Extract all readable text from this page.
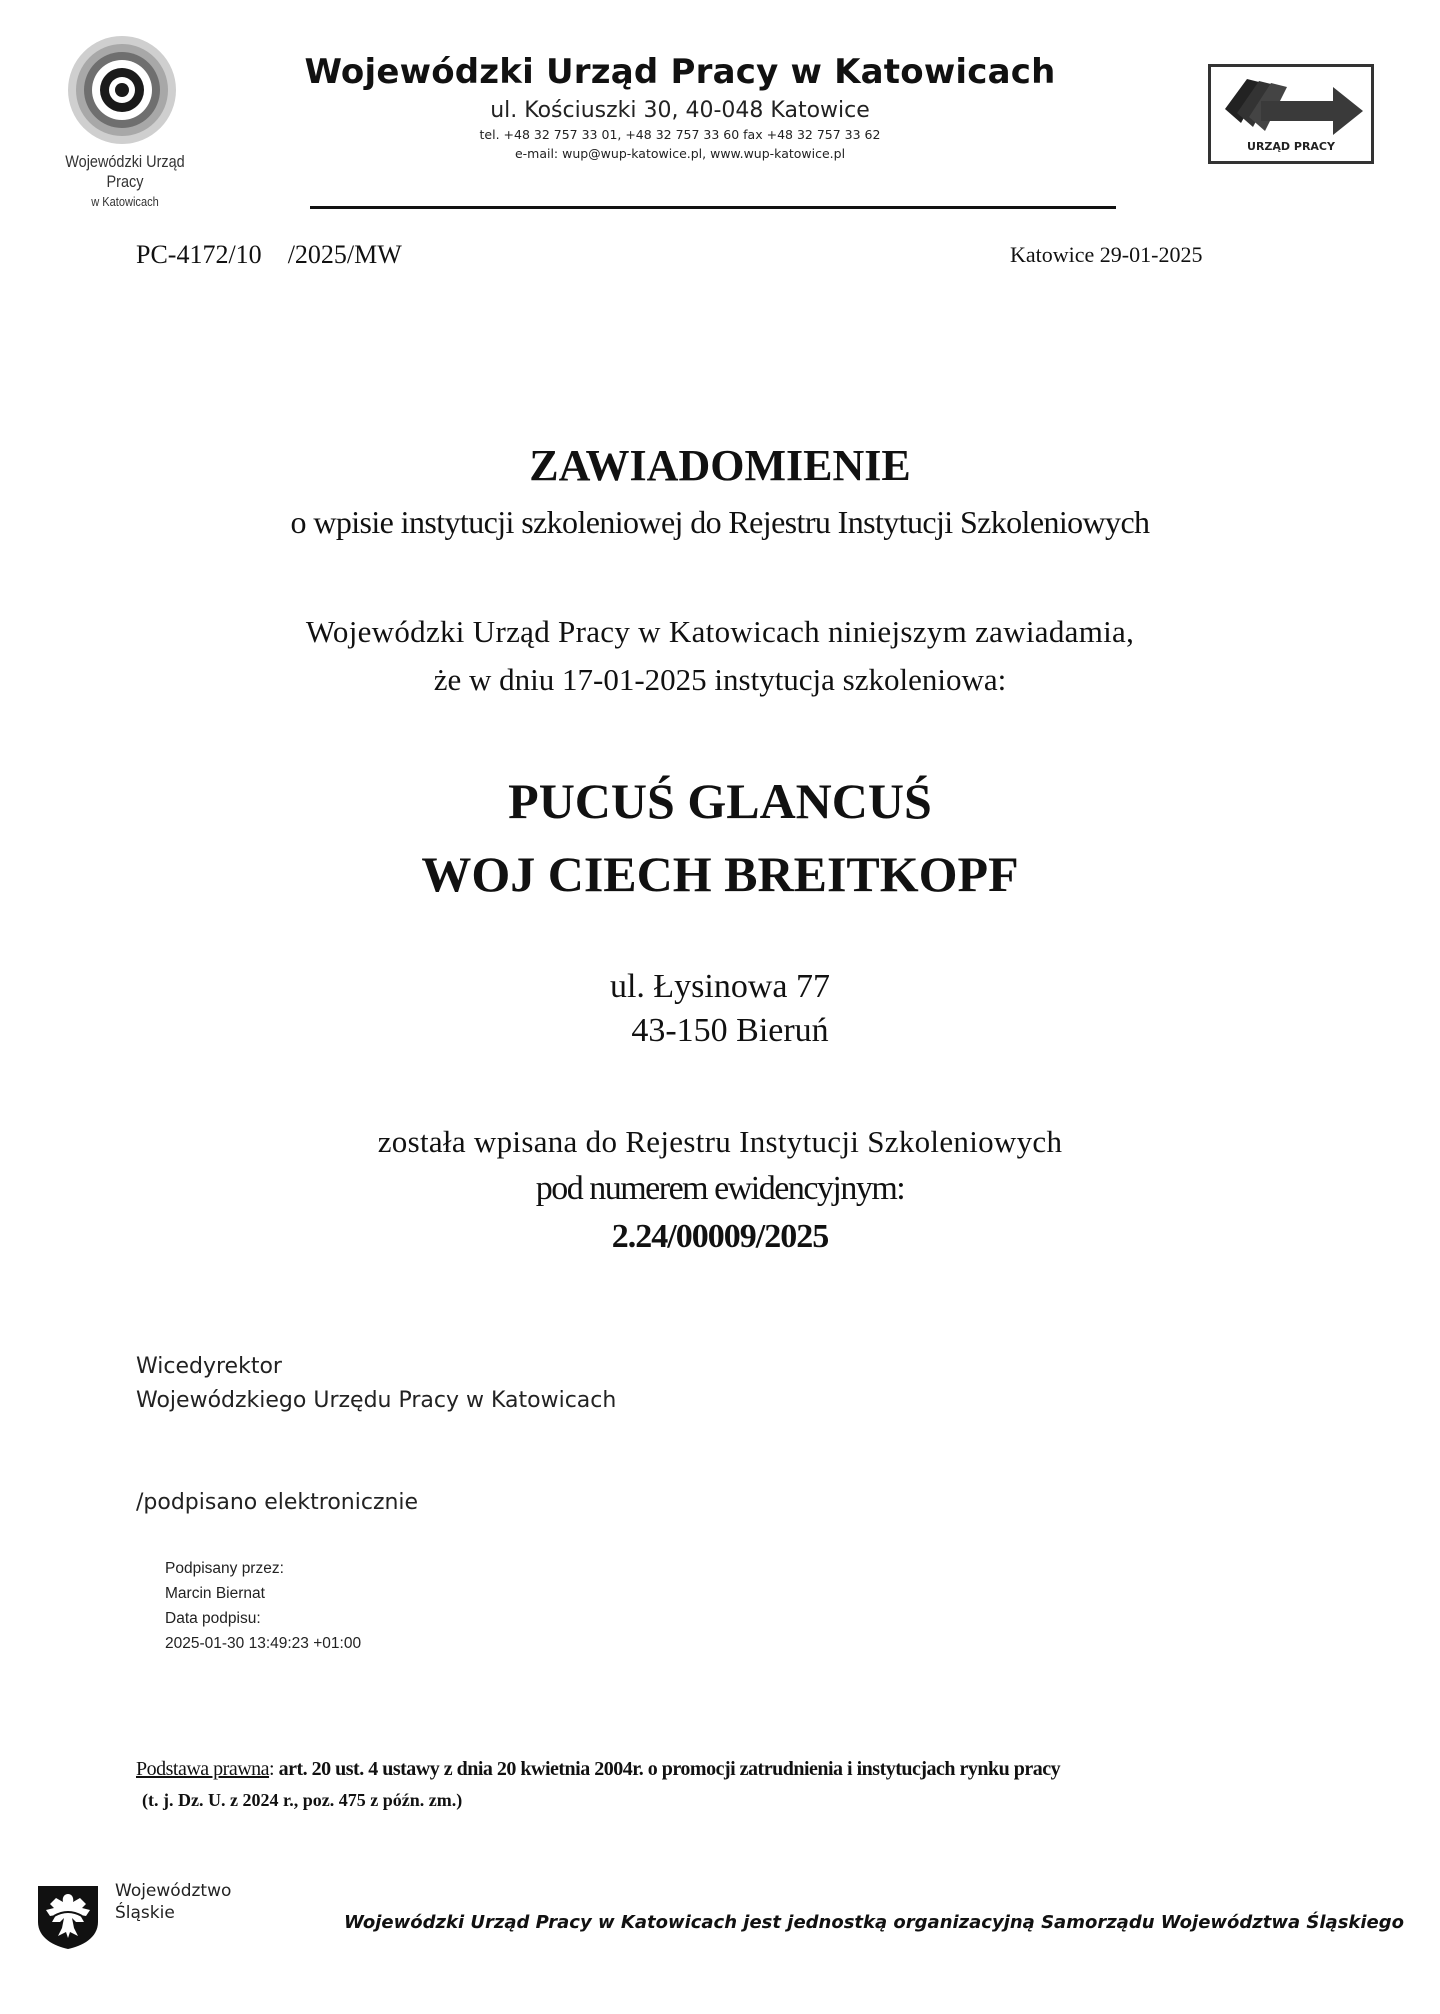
Wojewódzki Urząd Pracy
w Katowicach
Wojewódzki Urząd Pracy w Katowicach
ul. Kościuszki 30, 40-048 Katowice
tel. +48 32 757 33 01, +48 32 757 33 60 fax +48 32 757 33 62
e-mail: wup@wup-katowice.pl, www.wup-katowice.pl	URZĄD PRACY
PC-4172/10 /2025/MW	Katowice 29-01-2025
ZAWIADOMIENIE
o wpisie instytucji szkoleniowej do Rejestru Instytucji Szkoleniowych
Wojewódzki Urząd Pracy w Katowicach niniejszym zawiadamia,
że w dniu 17-01-2025 instytucja szkoleniowa:
PUCUŚ GLANCUŚ
WOJ CIECH BREITKOPF
ul. Łysinowa 77
43-150 Bieruń
została wpisana do Rejestru Instytucji Szkoleniowych
pod numerem ewidencyjnym:
2.24/00009/2025
Wicedyrektor
Wojewódzkiego Urzędu Pracy w Katowicach
/podpisano elektronicznie
Podpisany przez:
Marcin Biernat
Data podpisu:
2025-01-30 13:49:23 +01:00
Podstawa prawna: art. 20 ust. 4 ustawy z dnia 20 kwietnia 2004r. o promocji zatrudnienia i instytucjach rynku pracy
(t. j. Dz. U. z 2024 r., poz. 475 z późn. zm.)
Województwo
Śląskie	Wojewódzki Urząd Pracy w Katowicach jest jednostką organizacyjną Samorządu Województwa Śląskiego
